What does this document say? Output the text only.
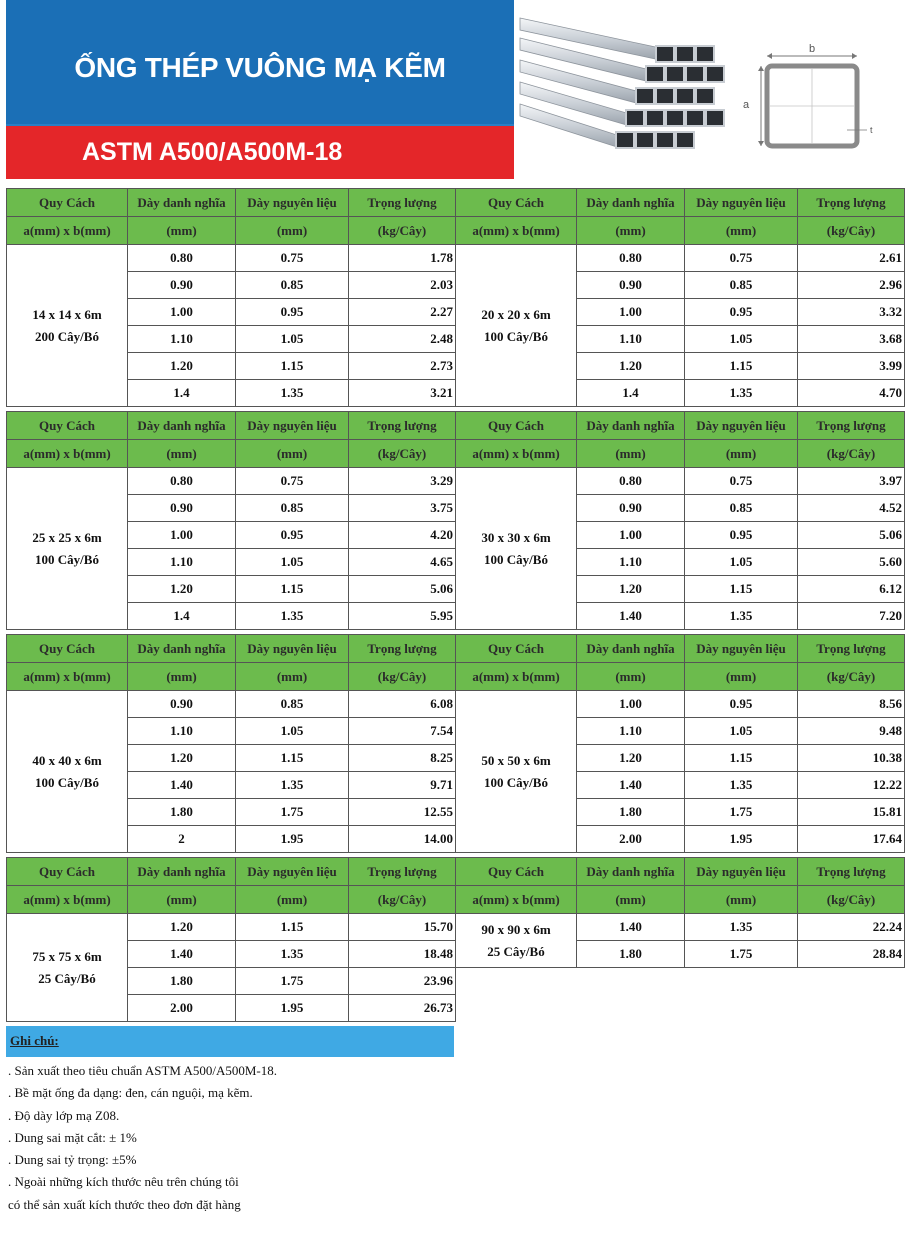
ỐNG THÉP VUÔNG MẠ KẼM
ASTM A500/A500M-18
b
a
t
Quy Cách	Dày danh nghĩa	Dày nguyên liệu	Trọng lượng
a(mm) x b(mm)	(mm)	(mm)	(kg/Cây)

14 x 14 x 6m
200 Cây/Bó	0.80	0.75	1.78
	0.90	0.85	2.03
	1.00	0.95	2.27
	1.10	1.05	2.48
	1.20	1.15	2.73
	1.4	1.35	3.21
Quy Cách	Dày danh nghĩa	Dày nguyên liệu	Trọng lượng
a(mm) x b(mm)	(mm)	(mm)	(kg/Cây)

20 x 20 x 6m
100 Cây/Bó	0.80	0.75	2.61
	0.90	0.85	2.96
	1.00	0.95	3.32
	1.10	1.05	3.68
	1.20	1.15	3.99
	1.4	1.35	4.70
Quy Cách	Dày danh nghĩa	Dày nguyên liệu	Trọng lượng
a(mm) x b(mm)	(mm)	(mm)	(kg/Cây)

25 x 25 x 6m
100 Cây/Bó	0.80	0.75	3.29
	0.90	0.85	3.75
	1.00	0.95	4.20
	1.10	1.05	4.65
	1.20	1.15	5.06
	1.4	1.35	5.95
Quy Cách	Dày danh nghĩa	Dày nguyên liệu	Trọng lượng
a(mm) x b(mm)	(mm)	(mm)	(kg/Cây)

30 x 30 x 6m
100 Cây/Bó	0.80	0.75	3.97
	0.90	0.85	4.52
	1.00	0.95	5.06
	1.10	1.05	5.60
	1.20	1.15	6.12
	1.40	1.35	7.20
Quy Cách	Dày danh nghĩa	Dày nguyên liệu	Trọng lượng
a(mm) x b(mm)	(mm)	(mm)	(kg/Cây)

40 x 40 x 6m
100 Cây/Bó	0.90	0.85	6.08
	1.10	1.05	7.54
	1.20	1.15	8.25
	1.40	1.35	9.71
	1.80	1.75	12.55
	2	1.95	14.00
Quy Cách	Dày danh nghĩa	Dày nguyên liệu	Trọng lượng
a(mm) x b(mm)	(mm)	(mm)	(kg/Cây)

50 x 50 x 6m
100 Cây/Bó	1.00	0.95	8.56
	1.10	1.05	9.48
	1.20	1.15	10.38
	1.40	1.35	12.22
	1.80	1.75	15.81
	2.00	1.95	17.64
Quy Cách	Dày danh nghĩa	Dày nguyên liệu	Trọng lượng
a(mm) x b(mm)	(mm)	(mm)	(kg/Cây)

75 x 75 x 6m
25 Cây/Bó	1.20	1.15	15.70
	1.40	1.35	18.48
	1.80	1.75	23.96
	2.00	1.95	26.73
Quy Cách	Dày danh nghĩa	Dày nguyên liệu	Trọng lượng
a(mm) x b(mm)	(mm)	(mm)	(kg/Cây)

90 x 90 x 6m
25 Cây/Bó	1.40	1.35	22.24
	1.80	1.75	28.84
Ghi chú:
. Sản xuất theo tiêu chuẩn ASTM A500/A500M-18.
. Bề mặt ống đa dạng: đen, cán nguội, mạ kẽm.
. Độ dày lớp mạ Z08.
. Dung sai mặt cắt: ± 1%
. Dung sai tỷ trọng: ±5%
. Ngoài những kích thước nêu trên chúng tôi
có thể sản xuất kích thước theo đơn đặt hàng
